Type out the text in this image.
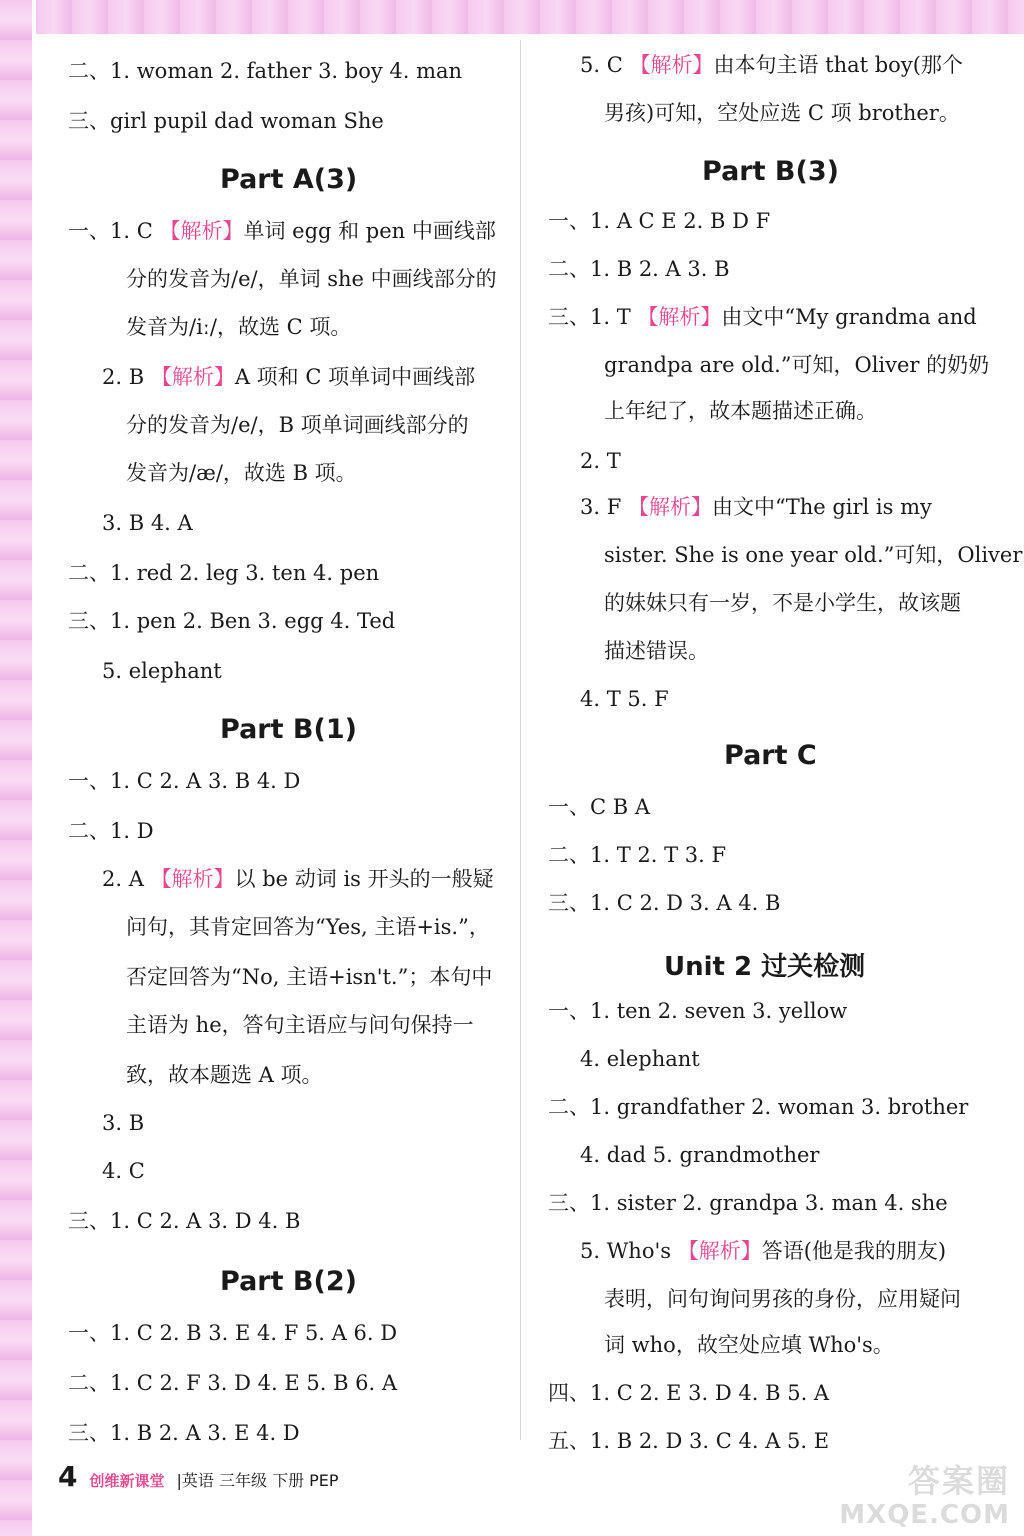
二、1. woman 2. father 3. boy 4. man
三、girl pupil dad woman She
Part A(3)
一、1. C 【解析】单词 egg 和 pen 中画线部
分的发音为/e/，单词 she 中画线部分的
发音为/iː/，故选 C 项。
2. B 【解析】A 项和 C 项单词中画线部
分的发音为/e/，B 项单词画线部分的
发音为/æ/，故选 B 项。
3. B 4. A
二、1. red 2. leg 3. ten 4. pen
三、1. pen 2. Ben 3. egg 4. Ted
5. elephant
Part B(1)
一、1. C 2. A 3. B 4. D
二、1. D
2. A 【解析】以 be 动词 is 开头的一般疑
问句，其肯定回答为“Yes, 主语+is.”，
否定回答为“No, 主语+isn't.”；本句中
主语为 he，答句主语应与问句保持一
致，故本题选 A 项。
3. B
4. C
三、1. C 2. A 3. D 4. B
Part B(2)
一、1. C 2. B 3. E 4. F 5. A 6. D
二、1. C 2. F 3. D 4. E 5. B 6. A
三、1. B 2. A 3. E 4. D
5. C 【解析】由本句主语 that boy(那个
男孩)可知，空处应选 C 项 brother。
Part B(3)
一、1. A C E 2. B D F
二、1. B 2. A 3. B
三、1. T 【解析】由文中“My grandma and
grandpa are old.”可知，Oliver 的奶奶
上年纪了，故本题描述正确。
2. T
3. F 【解析】由文中“The girl is my
sister. She is one year old.”可知，Oliver
的妹妹只有一岁，不是小学生，故该题
描述错误。
4. T 5. F
Part C
一、C B A
二、1. T 2. T 3. F
三、1. C 2. D 3. A 4. B
Unit 2 过关检测
一、1. ten 2. seven 3. yellow
4. elephant
二、1. grandfather 2. woman 3. brother
4. dad 5. grandmother
三、1. sister 2. grandpa 3. man 4. she
5. Who's 【解析】答语(他是我的朋友)
表明，问句询问男孩的身份，应用疑问
词 who，故空处应填 Who's。
四、1. C 2. E 3. D 4. B 5. A
五、1. B 2. D 3. C 4. A 5. E
4 创维新课堂 |英语 三年级 下册 PEP	答案圈
MXQE.COM
